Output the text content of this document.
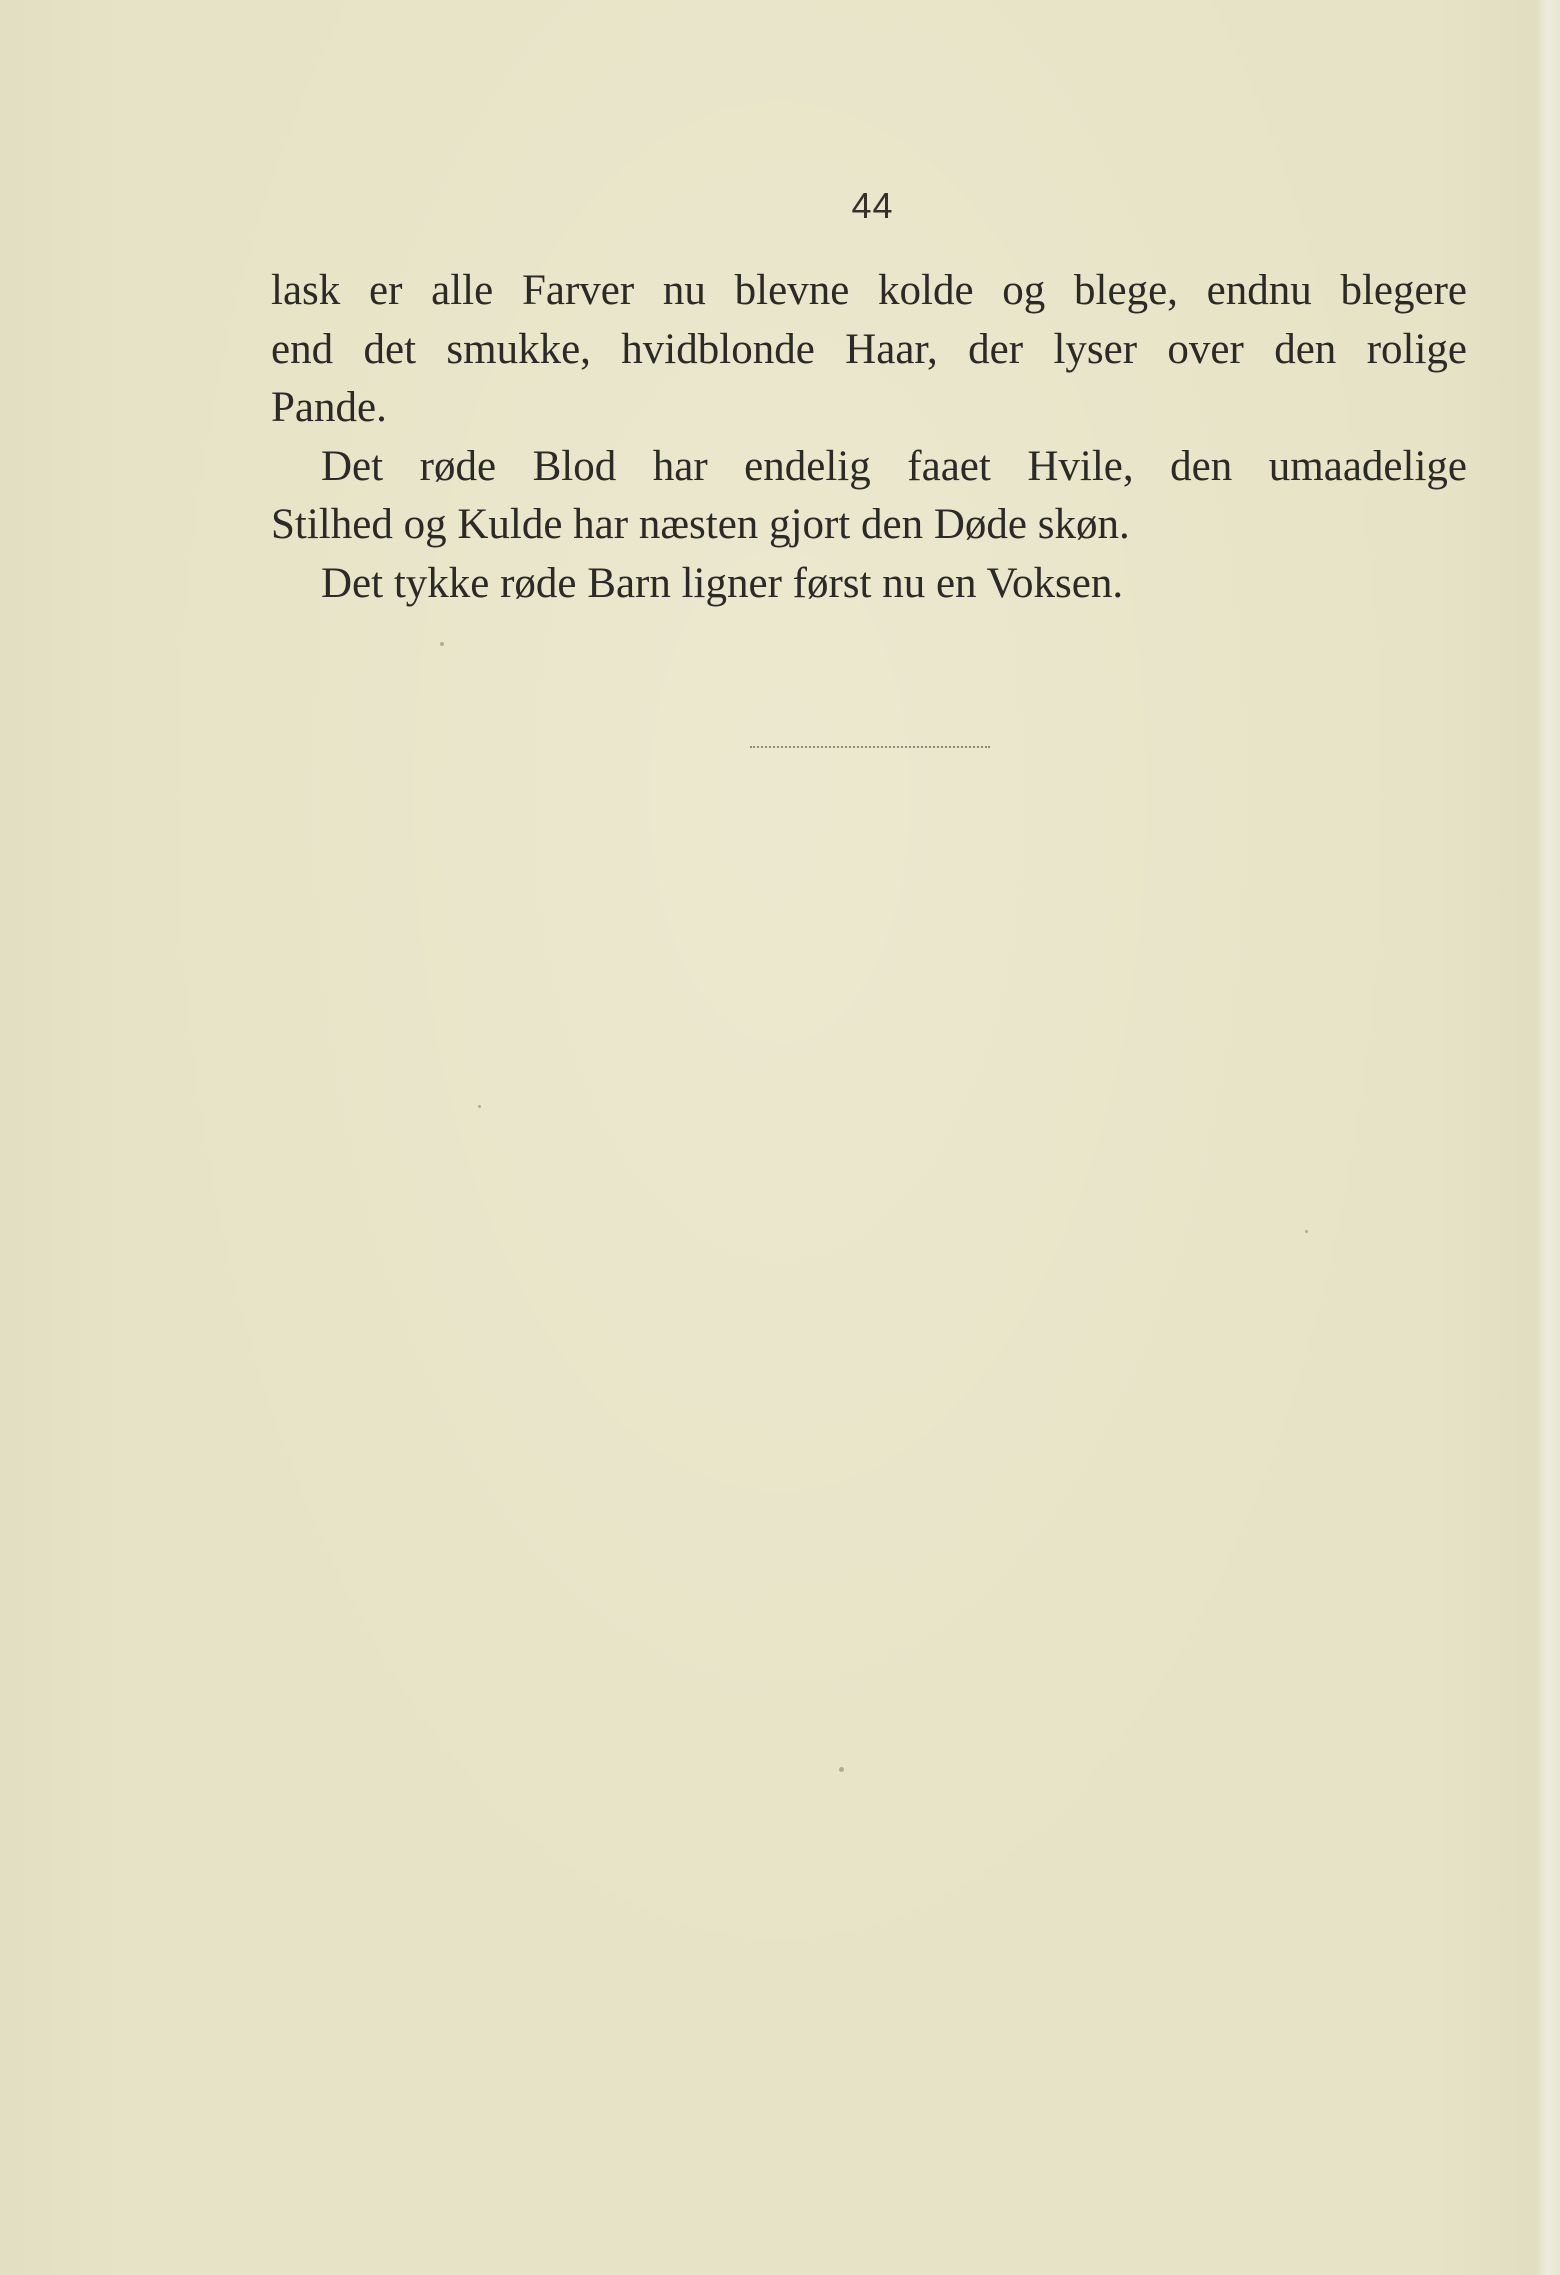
44
lask er alle Farver nu blevne kolde og blege, endnu blegere
end det smukke, hvidblonde Haar, der lyser over den rolige
Pande.
Det røde Blod har endelig faaet Hvile, den umaadelige
Stilhed og Kulde har næsten gjort den Døde skøn.
Det tykke røde Barn ligner først nu en Voksen.
